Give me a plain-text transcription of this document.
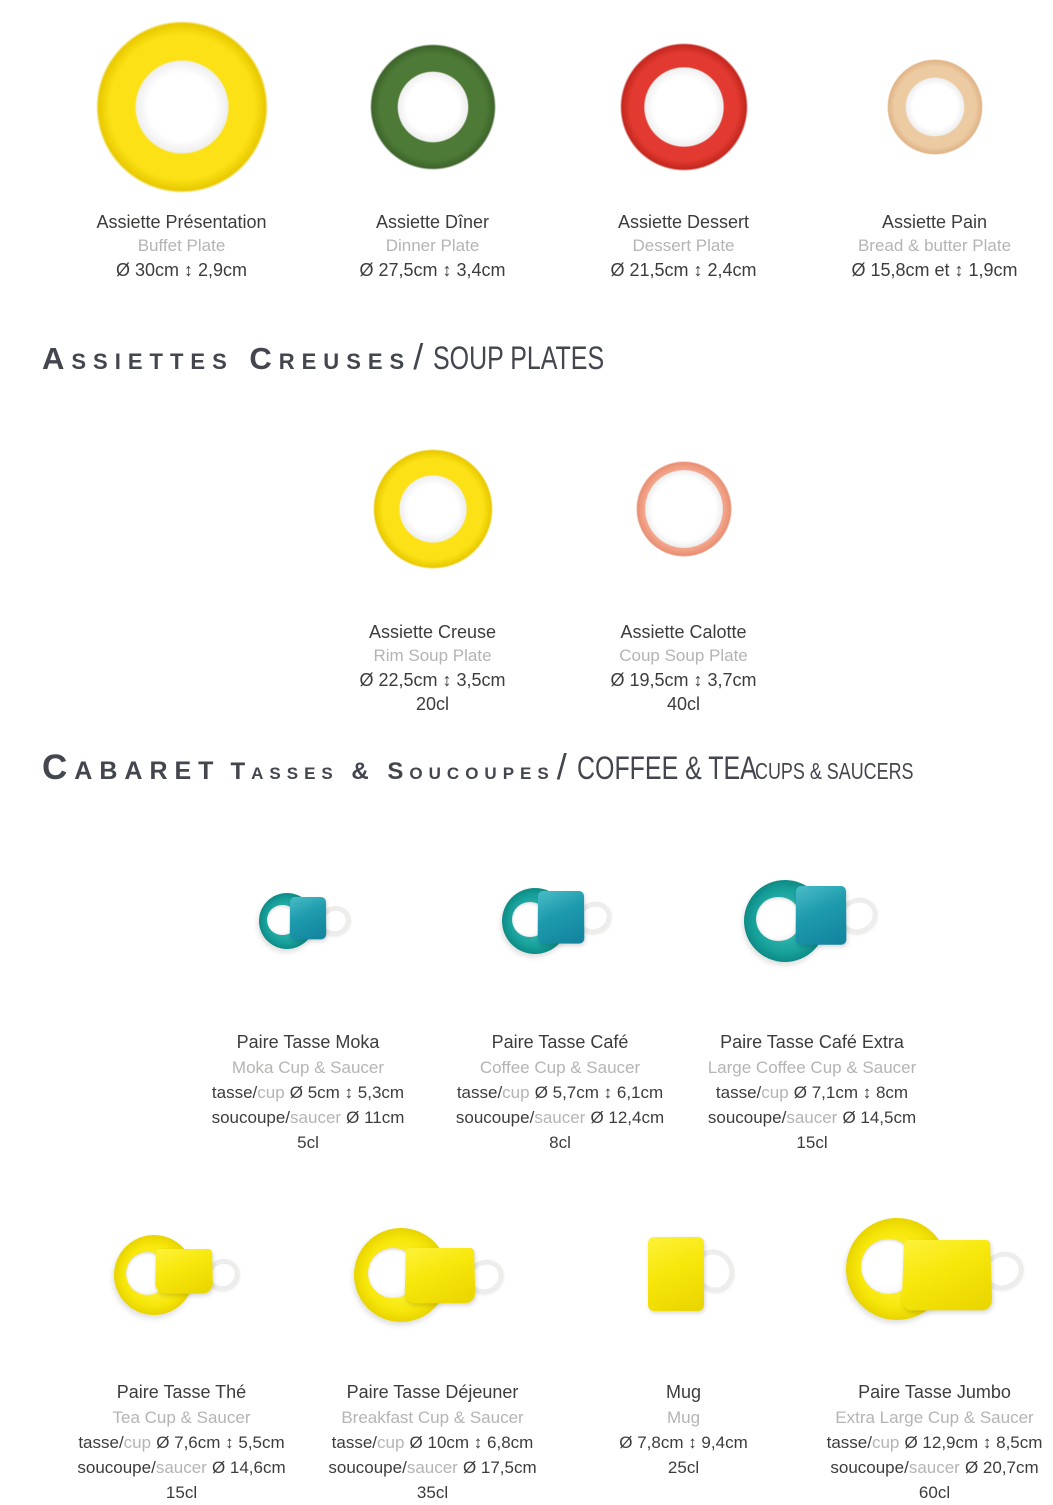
Assiette Présentation
Buffet Plate
Ø 30cm ↕ 2,9cm
Assiette Dîner
Dinner Plate
Ø 27,5cm ↕ 3,4cm
Assiette Dessert
Dessert Plate
Ø 21,5cm ↕ 2,4cm
Assiette Pain
Bread & butter Plate
Ø 15,8cm et ↕ 1,9cm
Assiettes Creuses / SOUP PLATES
Assiette Creuse
Rim Soup Plate
Ø 22,5cm ↕ 3,5cm
20cl
Assiette Calotte
Coup Soup Plate
Ø 19,5cm ↕ 3,7cm
40cl
Cabaret Tasses & Soucoupes / COFFEE & TEA
CUPS & SAUCERS
Paire Tasse Moka
Moka Cup & Saucer
tasse/cup Ø 5cm ↕ 5,3cm
soucoupe/saucer Ø 11cm
5cl
Paire Tasse Café
Coffee Cup & Saucer
tasse/cup Ø 5,7cm ↕ 6,1cm
soucoupe/saucer Ø 12,4cm
8cl
Paire Tasse Café Extra
Large Coffee Cup & Saucer
tasse/cup Ø 7,1cm ↕ 8cm
soucoupe/saucer Ø 14,5cm
15cl
Paire Tasse Thé
Tea Cup & Saucer
tasse/cup Ø 7,6cm ↕ 5,5cm
soucoupe/saucer Ø 14,6cm
15cl
Paire Tasse Déjeuner
Breakfast Cup & Saucer
tasse/cup Ø 10cm ↕ 6,8cm
soucoupe/saucer Ø 17,5cm
35cl
Mug
Mug
Ø 7,8cm ↕ 9,4cm
25cl
Paire Tasse Jumbo
Extra Large Cup & Saucer
tasse/cup Ø 12,9cm ↕ 8,5cm
soucoupe/saucer Ø 20,7cm
60cl
